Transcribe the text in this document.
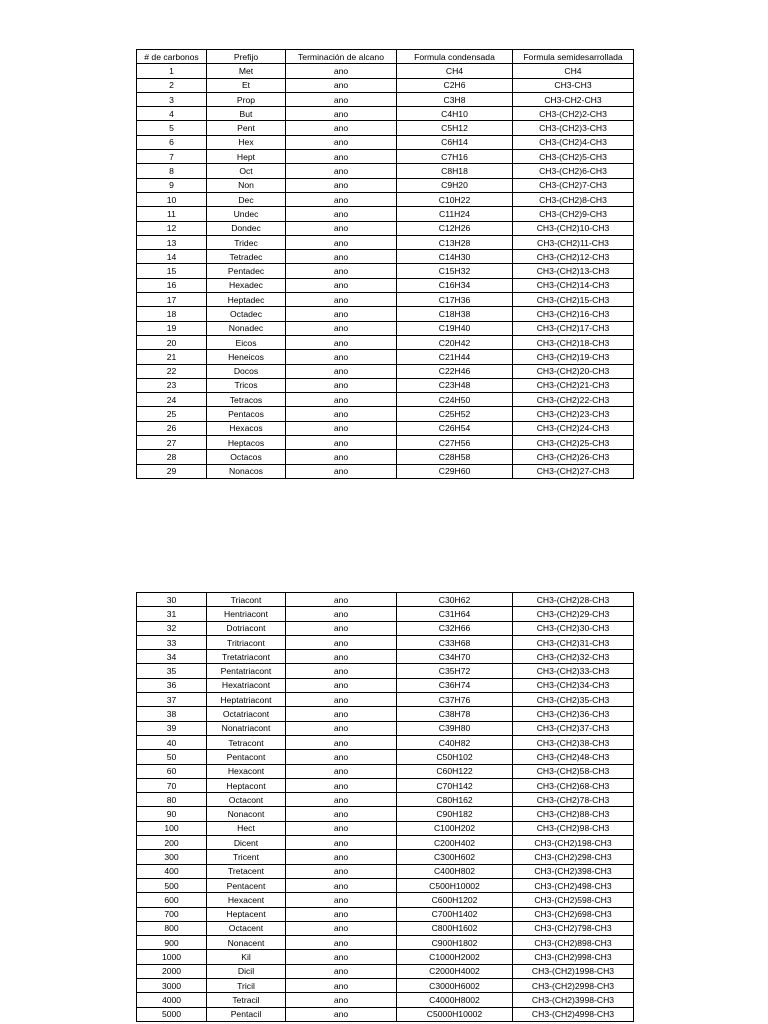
# de carbonos	Prefijo	Terminación de alcano	Formula condensada	Formula semidesarrollada
1	Met	ano	CH4	CH4
2	Et	ano	C2H6	CH3-CH3
3	Prop	ano	C3H8	CH3-CH2-CH3
4	But	ano	C4H10	CH3-(CH2)2-CH3
5	Pent	ano	C5H12	CH3-(CH2)3-CH3
6	Hex	ano	C6H14	CH3-(CH2)4-CH3
7	Hept	ano	C7H16	CH3-(CH2)5-CH3
8	Oct	ano	C8H18	CH3-(CH2)6-CH3
9	Non	ano	C9H20	CH3-(CH2)7-CH3
10	Dec	ano	C10H22	CH3-(CH2)8-CH3
11	Undec	ano	C11H24	CH3-(CH2)9-CH3
12	Dondec	ano	C12H26	CH3-(CH2)10-CH3
13	Tridec	ano	C13H28	CH3-(CH2)11-CH3
14	Tetradec	ano	C14H30	CH3-(CH2)12-CH3
15	Pentadec	ano	C15H32	CH3-(CH2)13-CH3
16	Hexadec	ano	C16H34	CH3-(CH2)14-CH3
17	Heptadec	ano	C17H36	CH3-(CH2)15-CH3
18	Octadec	ano	C18H38	CH3-(CH2)16-CH3
19	Nonadec	ano	C19H40	CH3-(CH2)17-CH3
20	Eicos	ano	C20H42	CH3-(CH2)18-CH3
21	Heneicos	ano	C21H44	CH3-(CH2)19-CH3
22	Docos	ano	C22H46	CH3-(CH2)20-CH3
23	Tricos	ano	C23H48	CH3-(CH2)21-CH3
24	Tetracos	ano	C24H50	CH3-(CH2)22-CH3
25	Pentacos	ano	C25H52	CH3-(CH2)23-CH3
26	Hexacos	ano	C26H54	CH3-(CH2)24-CH3
27	Heptacos	ano	C27H56	CH3-(CH2)25-CH3
28	Octacos	ano	C28H58	CH3-(CH2)26-CH3
29	Nonacos	ano	C29H60	CH3-(CH2)27-CH3
30	Triacont	ano	C30H62	CH3-(CH2)28-CH3
31	Hentriacont	ano	C31H64	CH3-(CH2)29-CH3
32	Dotriacont	ano	C32H66	CH3-(CH2)30-CH3
33	Tritriacont	ano	C33H68	CH3-(CH2)31-CH3
34	Tretatriacont	ano	C34H70	CH3-(CH2)32-CH3
35	Pentatriacont	ano	C35H72	CH3-(CH2)33-CH3
36	Hexatriacont	ano	C36H74	CH3-(CH2)34-CH3
37	Heptatriacont	ano	C37H76	CH3-(CH2)35-CH3
38	Octatriacont	ano	C38H78	CH3-(CH2)36-CH3
39	Nonatriacont	ano	C39H80	CH3-(CH2)37-CH3
40	Tetracont	ano	C40H82	CH3-(CH2)38-CH3
50	Pentacont	ano	C50H102	CH3-(CH2)48-CH3
60	Hexacont	ano	C60H122	CH3-(CH2)58-CH3
70	Heptacont	ano	C70H142	CH3-(CH2)68-CH3
80	Octacont	ano	C80H162	CH3-(CH2)78-CH3
90	Nonacont	ano	C90H182	CH3-(CH2)88-CH3
100	Hect	ano	C100H202	CH3-(CH2)98-CH3
200	Dicent	ano	C200H402	CH3-(CH2)198-CH3
300	Tricent	ano	C300H602	CH3-(CH2)298-CH3
400	Tretacent	ano	C400H802	CH3-(CH2)398-CH3
500	Pentacent	ano	C500H10002	CH3-(CH2)498-CH3
600	Hexacent	ano	C600H1202	CH3-(CH2)598-CH3
700	Heptacent	ano	C700H1402	CH3-(CH2)698-CH3
800	Octacent	ano	C800H1602	CH3-(CH2)798-CH3
900	Nonacent	ano	C900H1802	CH3-(CH2)898-CH3
1000	Kil	ano	C1000H2002	CH3-(CH2)998-CH3
2000	Dicil	ano	C2000H4002	CH3-(CH2)1998-CH3
3000	Tricil	ano	C3000H6002	CH3-(CH2)2998-CH3
4000	Tetracil	ano	C4000H8002	CH3-(CH2)3998-CH3
5000	Pentacil	ano	C5000H10002	CH3-(CH2)4998-CH3
